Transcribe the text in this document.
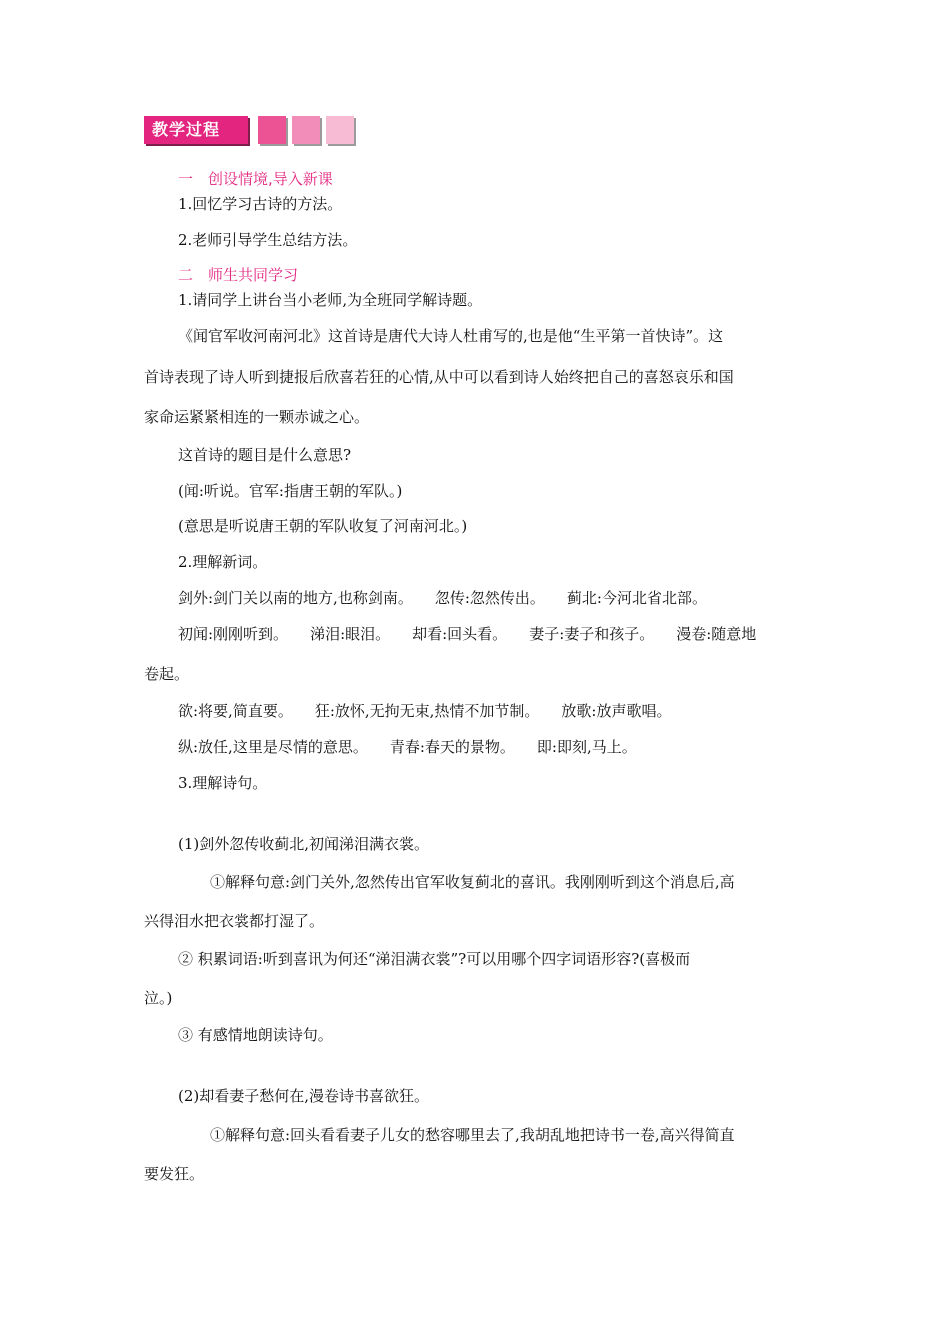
教学过程
一　创设情境,导入新课
1.回忆学习古诗的方法。
2.老师引导学生总结方法。
二　师生共同学习
1.请同学上讲台当小老师,为全班同学解诗题。
《闻官军收河南河北》这首诗是唐代大诗人杜甫写的,也是他“生平第一首快诗”。这
首诗表现了诗人听到捷报后欣喜若狂的心情,从中可以看到诗人始终把自己的喜怒哀乐和国
家命运紧紧相连的一颗赤诚之心。
这首诗的题目是什么意思?
(闻:听说。官军:指唐王朝的军队。)
(意思是听说唐王朝的军队收复了河南河北。)
2.理解新词。
剑外:剑门关以南的地方,也称剑南。 忽传:忽然传出。 蓟北:今河北省北部。
初闻:刚刚听到。 涕泪:眼泪。 却看:回头看。 妻子:妻子和孩子。 漫卷:随意地
卷起。
欲:将要,简直要。 狂:放怀,无拘无束,热情不加节制。 放歌:放声歌唱。
纵:放任,这里是尽情的意思。 青春:春天的景物。 即:即刻,马上。
3.理解诗句。
(1)剑外忽传收蓟北,初闻涕泪满衣裳。
①解释句意:剑门关外,忽然传出官军收复蓟北的喜讯。我刚刚听到这个消息后,高
兴得泪水把衣裳都打湿了。
② 积累词语:听到喜讯为何还“涕泪满衣裳”?可以用哪个四字词语形容?(喜极而
泣。)
③ 有感情地朗读诗句。
(2)却看妻子愁何在,漫卷诗书喜欲狂。
①解释句意:回头看看妻子儿女的愁容哪里去了,我胡乱地把诗书一卷,高兴得简直
要发狂。
